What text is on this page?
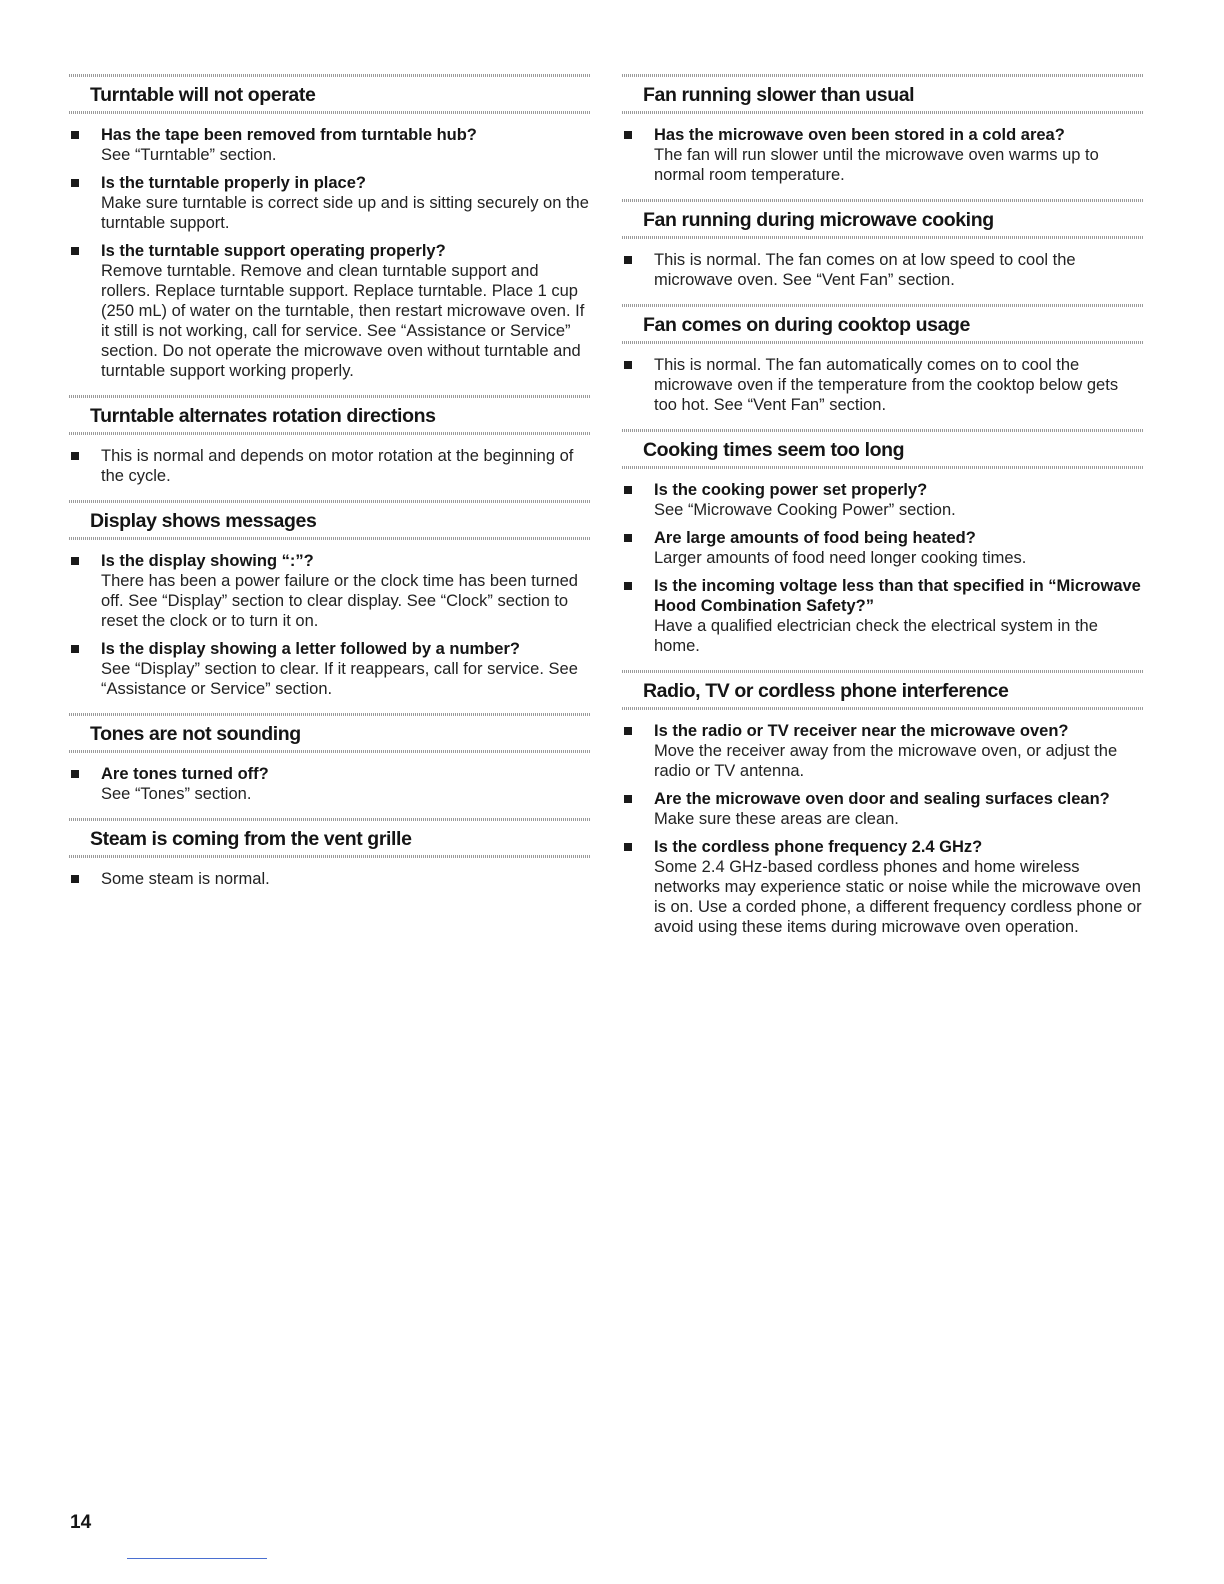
Turntable will not operate
Has the tape been removed from turntable hub?
See “Turntable” section.
Is the turntable properly in place?
Make sure turntable is correct side up and is sitting securely on the turntable support.
Is the turntable support operating properly?
Remove turntable. Remove and clean turntable support and rollers. Replace turntable support. Replace turntable. Place 1 cup (250 mL) of water on the turntable, then restart microwave oven. If it still is not working, call for service. See “Assistance or Service” section. Do not operate the microwave oven without turntable and turntable support working properly.
Turntable alternates rotation directions
This is normal and depends on motor rotation at the beginning of the cycle.
Display shows messages
Is the display showing “:”?
There has been a power failure or the clock time has been turned off. See “Display” section to clear display. See “Clock” section to reset the clock or to turn it on.
Is the display showing a letter followed by a number?
See “Display” section to clear. If it reappears, call for service. See “Assistance or Service” section.
Tones are not sounding
Are tones turned off?
See “Tones” section.
Steam is coming from the vent grille
Some steam is normal.
Fan running slower than usual
Has the microwave oven been stored in a cold area?
The fan will run slower until the microwave oven warms up to normal room temperature.
Fan running during microwave cooking
This is normal. The fan comes on at low speed to cool the microwave oven. See “Vent Fan” section.
Fan comes on during cooktop usage
This is normal. The fan automatically comes on to cool the microwave oven if the temperature from the cooktop below gets too hot. See “Vent Fan” section.
Cooking times seem too long
Is the cooking power set properly?
See “Microwave Cooking Power” section.
Are large amounts of food being heated?
Larger amounts of food need longer cooking times.
Is the incoming voltage less than that specified in “Microwave Hood Combination Safety?”
Have a qualified electrician check the electrical system in the home.
Radio, TV or cordless phone interference
Is the radio or TV receiver near the microwave oven?
Move the receiver away from the microwave oven, or adjust the radio or TV antenna.
Are the microwave oven door and sealing surfaces clean?
Make sure these areas are clean.
Is the cordless phone frequency 2.4 GHz?
Some 2.4 GHz-based cordless phones and home wireless networks may experience static or noise while the microwave oven is on. Use a corded phone, a different frequency cordless phone or avoid using these items during microwave oven operation.
14
